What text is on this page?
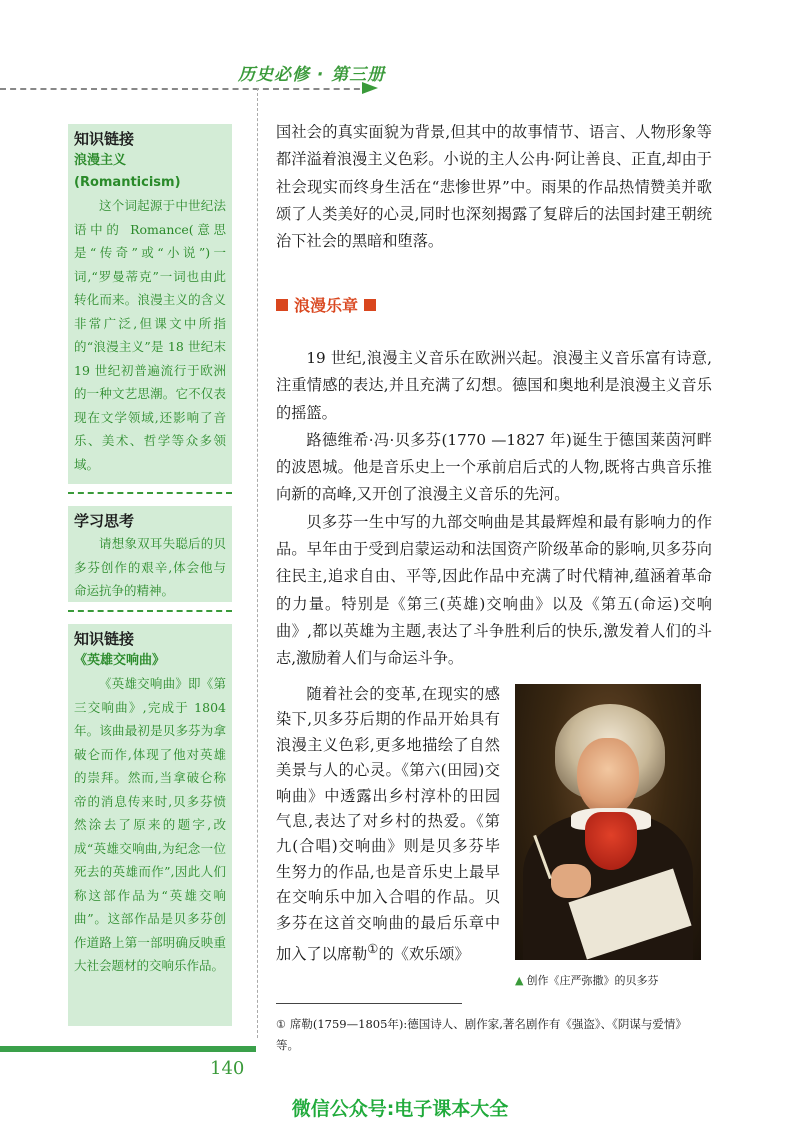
历史必修 · 第三册
知识链接
浪漫主义(Romanticism)

这个词起源于中世纪法语中的 Romance(意思是“传奇”或“小说”)一词,“罗曼蒂克”一词也由此转化而来。浪漫主义的含义非常广泛,但课文中所指的“浪漫主义”是 18 世纪末 19 世纪初普遍流行于欧洲的一种文艺思潮。它不仅表现在文学领域,还影响了音乐、美术、哲学等众多领域。

学习思考

请想象双耳失聪后的贝多芬创作的艰辛,体会他与命运抗争的精神。

知识链接
《英雄交响曲》

《英雄交响曲》即《第三交响曲》,完成于 1804 年。该曲最初是贝多芬为拿破仑而作,体现了他对英雄的崇拜。然而,当拿破仑称帝的消息传来时,贝多芬愤然涂去了原来的题字,改成“英雄交响曲,为纪念一位死去的英雄而作”,因此人们称这部作品为“英雄交响曲”。这部作品是贝多芬创作道路上第一部明确反映重大社会题材的交响乐作品。

国社会的真实面貌为背景,但其中的故事情节、语言、人物形象等都洋溢着浪漫主义色彩。小说的主人公冉·阿让善良、正直,却由于社会现实而终身生活在“悲惨世界”中。雨果的作品热情赞美并歌颂了人类美好的心灵,同时也深刻揭露了复辟后的法国封建王朝统治下社会的黑暗和堕落。

浪漫乐章

19 世纪,浪漫主义音乐在欧洲兴起。浪漫主义音乐富有诗意,注重情感的表达,并且充满了幻想。德国和奥地利是浪漫主义音乐的摇篮。

路德维希·冯·贝多芬(1770 —1827 年)诞生于德国莱茵河畔的波恩城。他是音乐史上一个承前启后式的人物,既将古典音乐推向新的高峰,又开创了浪漫主义音乐的先河。

贝多芬一生中写的九部交响曲是其最辉煌和最有影响力的作品。早年由于受到启蒙运动和法国资产阶级革命的影响,贝多芬向往民主,追求自由、平等,因此作品中充满了时代精神,蕴涵着革命的力量。特别是《第三(英雄)交响曲》以及《第五(命运)交响曲》,都以英雄为主题,表达了斗争胜利后的快乐,激发着人们的斗志,激励着人们与命运斗争。

随着社会的变革,在现实的感染下,贝多芬后期的作品开始具有浪漫主义色彩,更多地描绘了自然美景与人的心灵。《第六(田园)交响曲》中透露出乡村淳朴的田园气息,表达了对乡村的热爱。《第九(合唱)交响曲》则是贝多芬毕生努力的作品,也是音乐史上最早在交响乐中加入合唱的作品。贝多芬在这首交响曲的最后乐章中加入了以席勒①的《欢乐颂》

▲ 创作《庄严弥撒》的贝多芬
① 席勒(1759—1805年):德国诗人、剧作家,著名剧作有《强盗》、《阴谋与爱情》等。
140
微信公众号:电子课本大全
